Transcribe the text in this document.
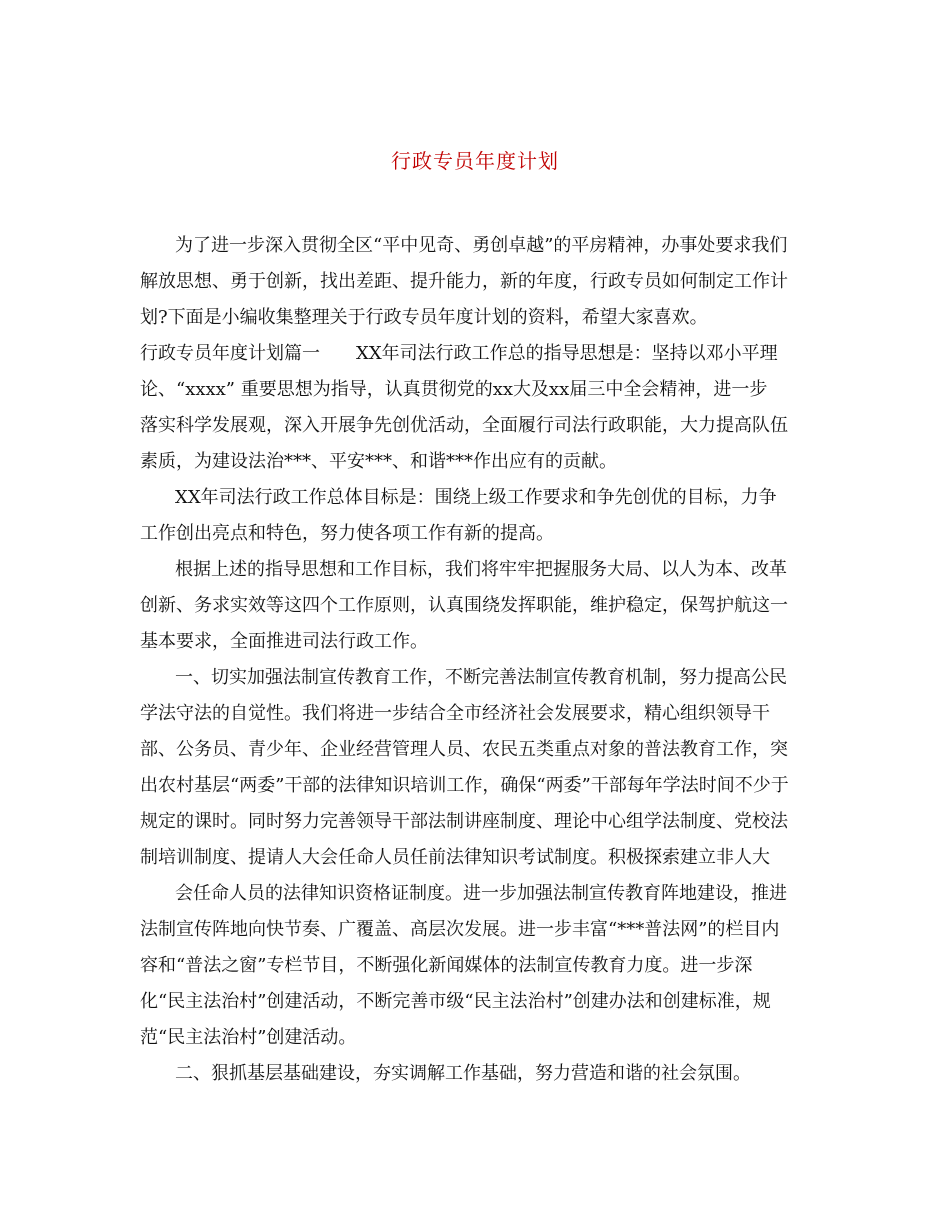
行政专员年度计划
为了进一步深入贯彻全区“平中见奇、勇创卓越”的平房精神，办事处要求我们
解放思想、勇于创新，找出差距、提升能力，新的年度，行政专员如何制定工作计
划?下面是小编收集整理关于行政专员年度计划的资料，希望大家喜欢。
行政专员年度计划篇一　　XX年司法行政工作总的指导思想是：坚持以邓小平理
论、“xxxx” 重要思想为指导，认真贯彻党的xx大及xx届三中全会精神，进一步
落实科学发展观，深入开展争先创优活动，全面履行司法行政职能，大力提高队伍
素质，为建设法治***、平安***、和谐***作出应有的贡献。
XX年司法行政工作总体目标是：围绕上级工作要求和争先创优的目标，力争
工作创出亮点和特色，努力使各项工作有新的提高。
根据上述的指导思想和工作目标，我们将牢牢把握服务大局、以人为本、改革
创新、务求实效等这四个工作原则，认真围绕发挥职能，维护稳定，保驾护航这一
基本要求，全面推进司法行政工作。
一、切实加强法制宣传教育工作，不断完善法制宣传教育机制，努力提高公民
学法守法的自觉性。我们将进一步结合全市经济社会发展要求，精心组织领导干
部、公务员、青少年、企业经营管理人员、农民五类重点对象的普法教育工作，突
出农村基层“两委”干部的法律知识培训工作，确保“两委”干部每年学法时间不少于
规定的课时。同时努力完善领导干部法制讲座制度、理论中心组学法制度、党校法
制培训制度、提请人大会任命人员任前法律知识考试制度。积极探索建立非人大
会任命人员的法律知识资格证制度。进一步加强法制宣传教育阵地建设，推进
法制宣传阵地向快节奏、广覆盖、高层次发展。进一步丰富“***普法网”的栏目内
容和“普法之窗”专栏节目，不断强化新闻媒体的法制宣传教育力度。进一步深
化“民主法治村”创建活动，不断完善市级“民主法治村”创建办法和创建标准，规
范“民主法治村”创建活动。
二、狠抓基层基础建设，夯实调解工作基础，努力营造和谐的社会氛围。
